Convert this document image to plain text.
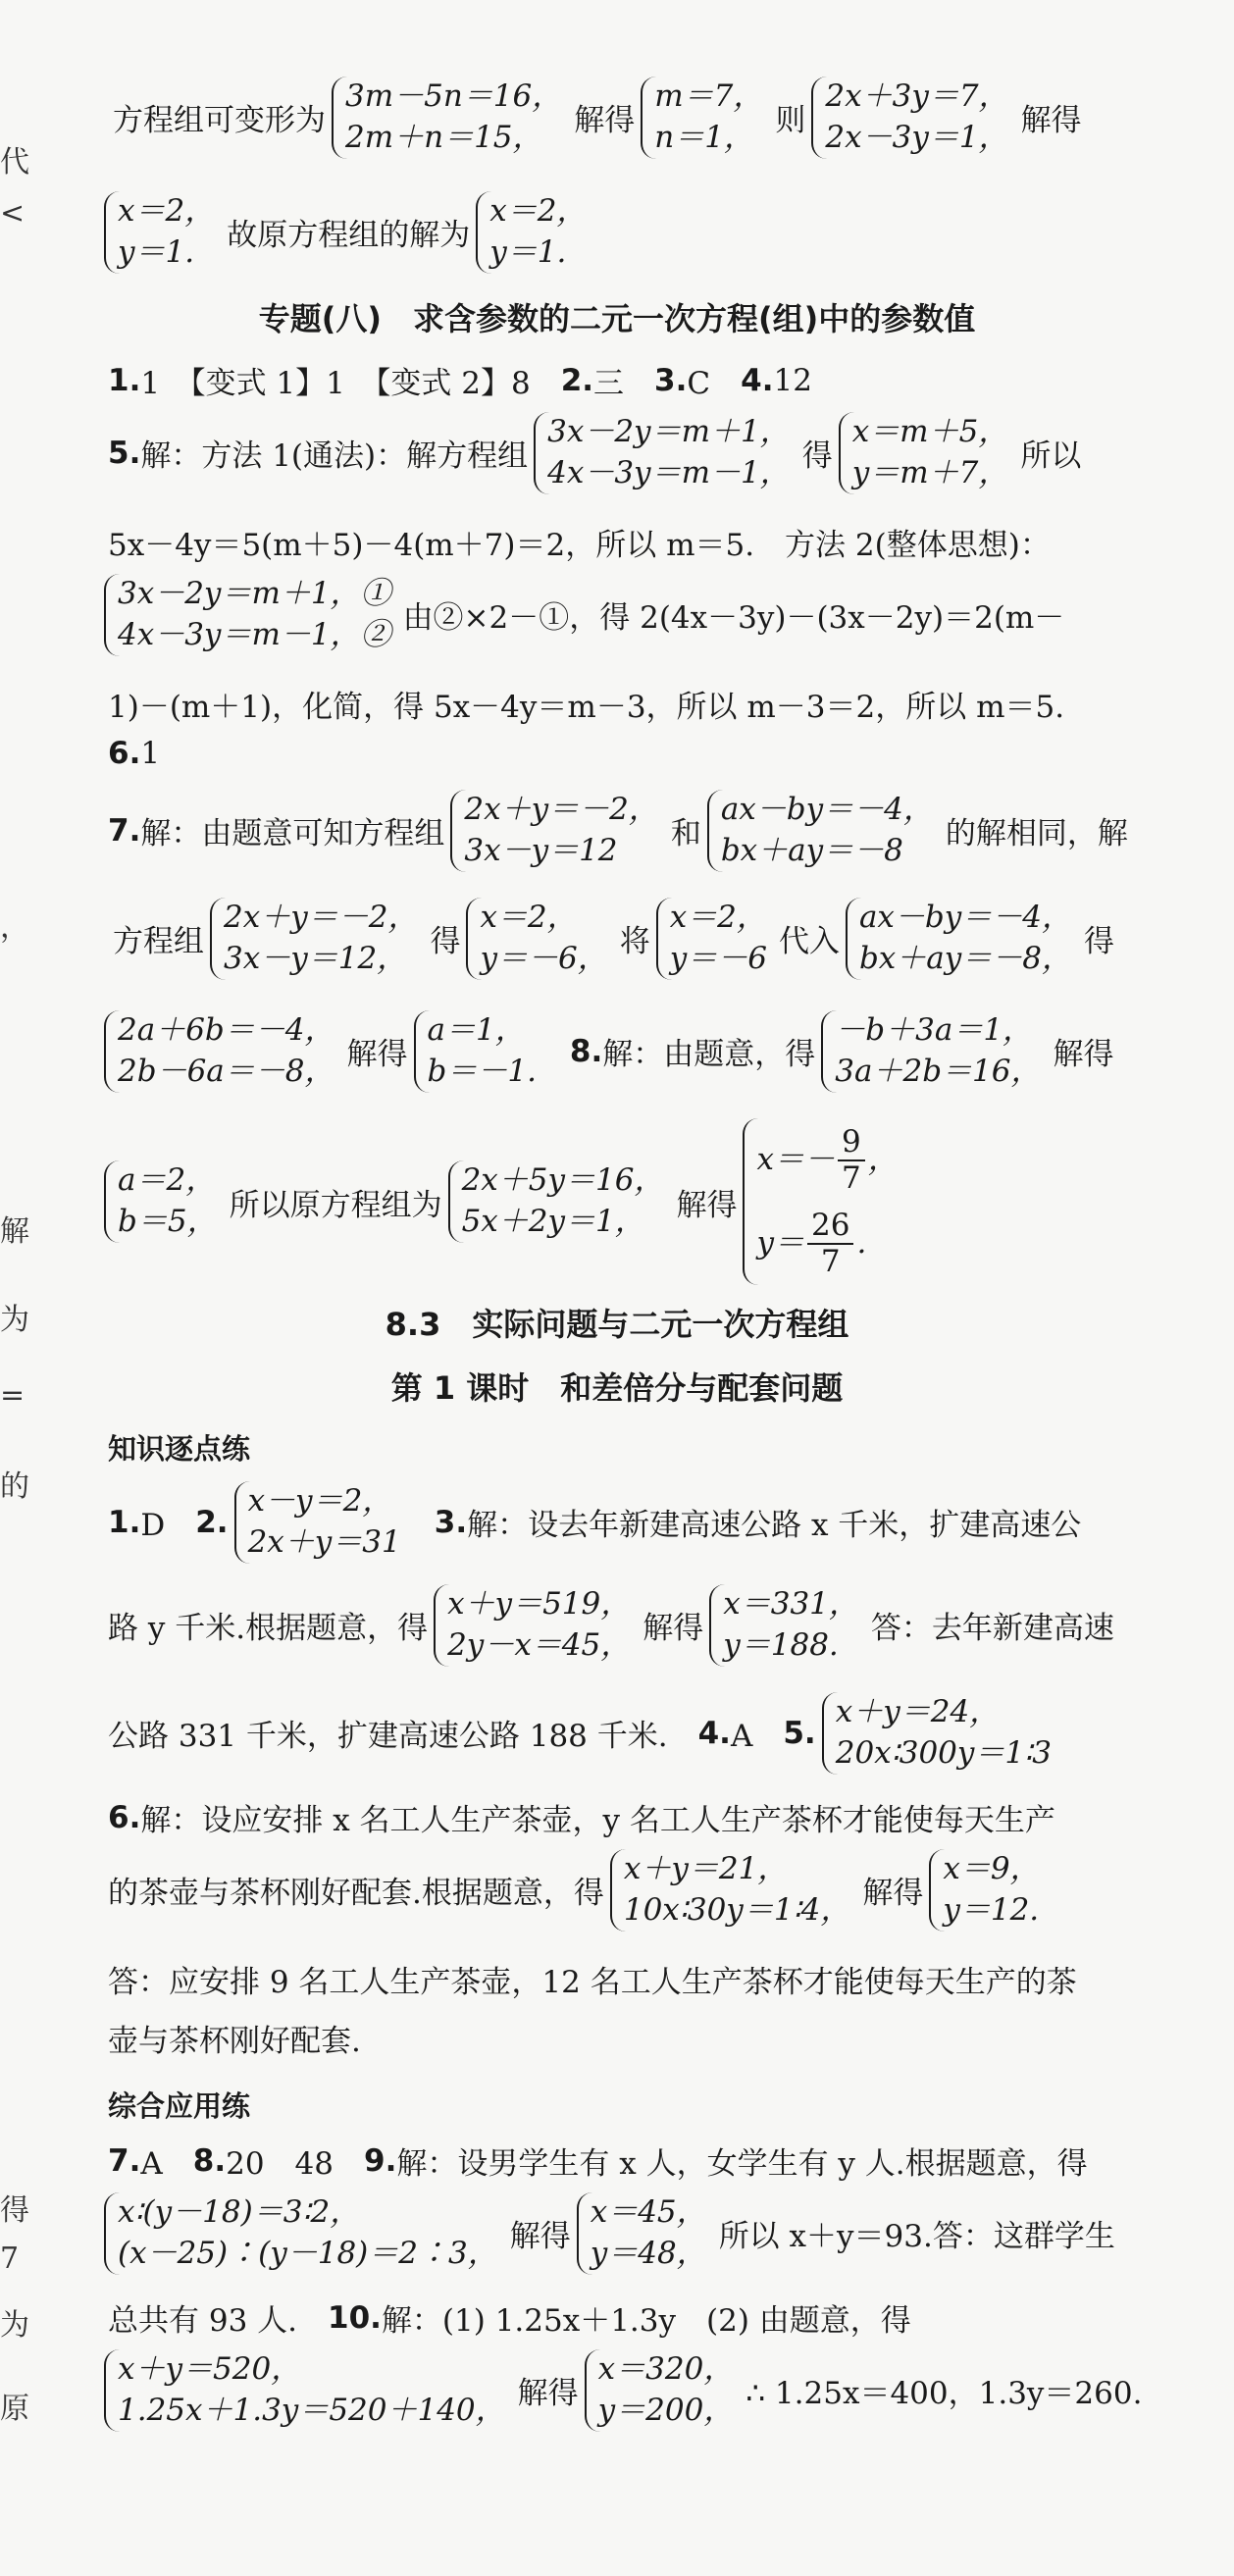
代
<
，
解
为
=
的
得
7
为
原
方程组可变形为
3m－5n＝16，
2m＋n＝15，	解得
m＝7，
n＝1， 则
2x＋3y＝7，
2x－3y＝1， 解得
x＝2，
y＝1.	故原方程组的解为
x＝2，
y＝1.
专题(八)　求含参数的二元一次方程(组)中的参数值
1. 1　【变式 1】1　【变式 2】8　 2. 三　 3. C　 4. 12
5. 解：方法 1(通法)：解方程组
3x－2y＝m＋1，
4x－3y＝m－1， 得
x＝m＋5，
y＝m＋7， 所以
5x－4y＝5(m＋5)－4(m＋7)＝2，所以 m＝5.　方法 2(整体思想)：
3x－2y＝m＋1，①
4x－3y＝m－1，② 由②×2－①，得 2(4x－3y)－(3x－2y)＝2(m－
1)－(m＋1)，化简，得 5x－4y＝m－3，所以 m－3＝2，所以 m＝5.
6. 1
7. 解：由题意可知方程组
2x＋y＝－2，
3x－y＝12	和
ax－by＝－4，
bx＋ay＝－8	的解相同，解
方程组
2x＋y＝－2，
3x－y＝12， 得
x＝2，
y＝－6， 将
x＝2，
y＝－6 代入
ax－by＝－4，
bx＋ay＝－8， 得
2a＋6b＝－4，
2b－6a＝－8， 解得
a＝1，
b＝－1.
8. 解：由题意，得
－b＋3a＝1，
3a＋2b＝16， 解得
a＝2，
b＝5， 所以原方程组为
2x＋5y＝16，
5x＋2y＝1，	解得
$x=- \frac{9}{7}$ ，
$y= \frac{26}{7}$ .
8.3　实际问题与二元一次方程组
第 1 课时　和差倍分与配套问题
知识逐点练
1. D　 2.
x－y＝2，
2x＋y＝31
3. 解：设去年新建高速公路 x 千米，扩建高速公
路 y 千米.根据题意，得
x＋y＝519，
2y－x＝45， 解得
x＝331，
y＝188.	答：去年新建高速
公路 331 千米，扩建高速公路 188 千米.　 4. A　 5.
x＋y＝24，
20x∶300y＝1∶3
6. 解：设应安排 x 名工人生产茶壶，y 名工人生产茶杯才能使每天生产
的茶壶与茶杯刚好配套.根据题意，得
x＋y＝21，
10x∶30y＝1∶4， 解得
x＝9，
y＝12.
答：应安排 9 名工人生产茶壶，12 名工人生产茶杯才能使每天生产的茶
壶与茶杯刚好配套.
综合应用练
7. A　 8. 20　48　 9. 解：设男学生有 x 人，女学生有 y 人.根据题意，得
x∶(y－18)＝3∶2，
(x－25)∶(y－18)＝2∶3， 解得
x＝45，
y＝48， 所以 x＋y＝93.答：这群学生
总共有 93 人.　 10. 解：(1) 1.25x＋1.3y　(2) 由题意，得
x＋y＝520，
1.25x＋1.3y＝520＋140， 解得
x＝320，
y＝200， ∴ 1.25x＝400，1.3y＝260.
